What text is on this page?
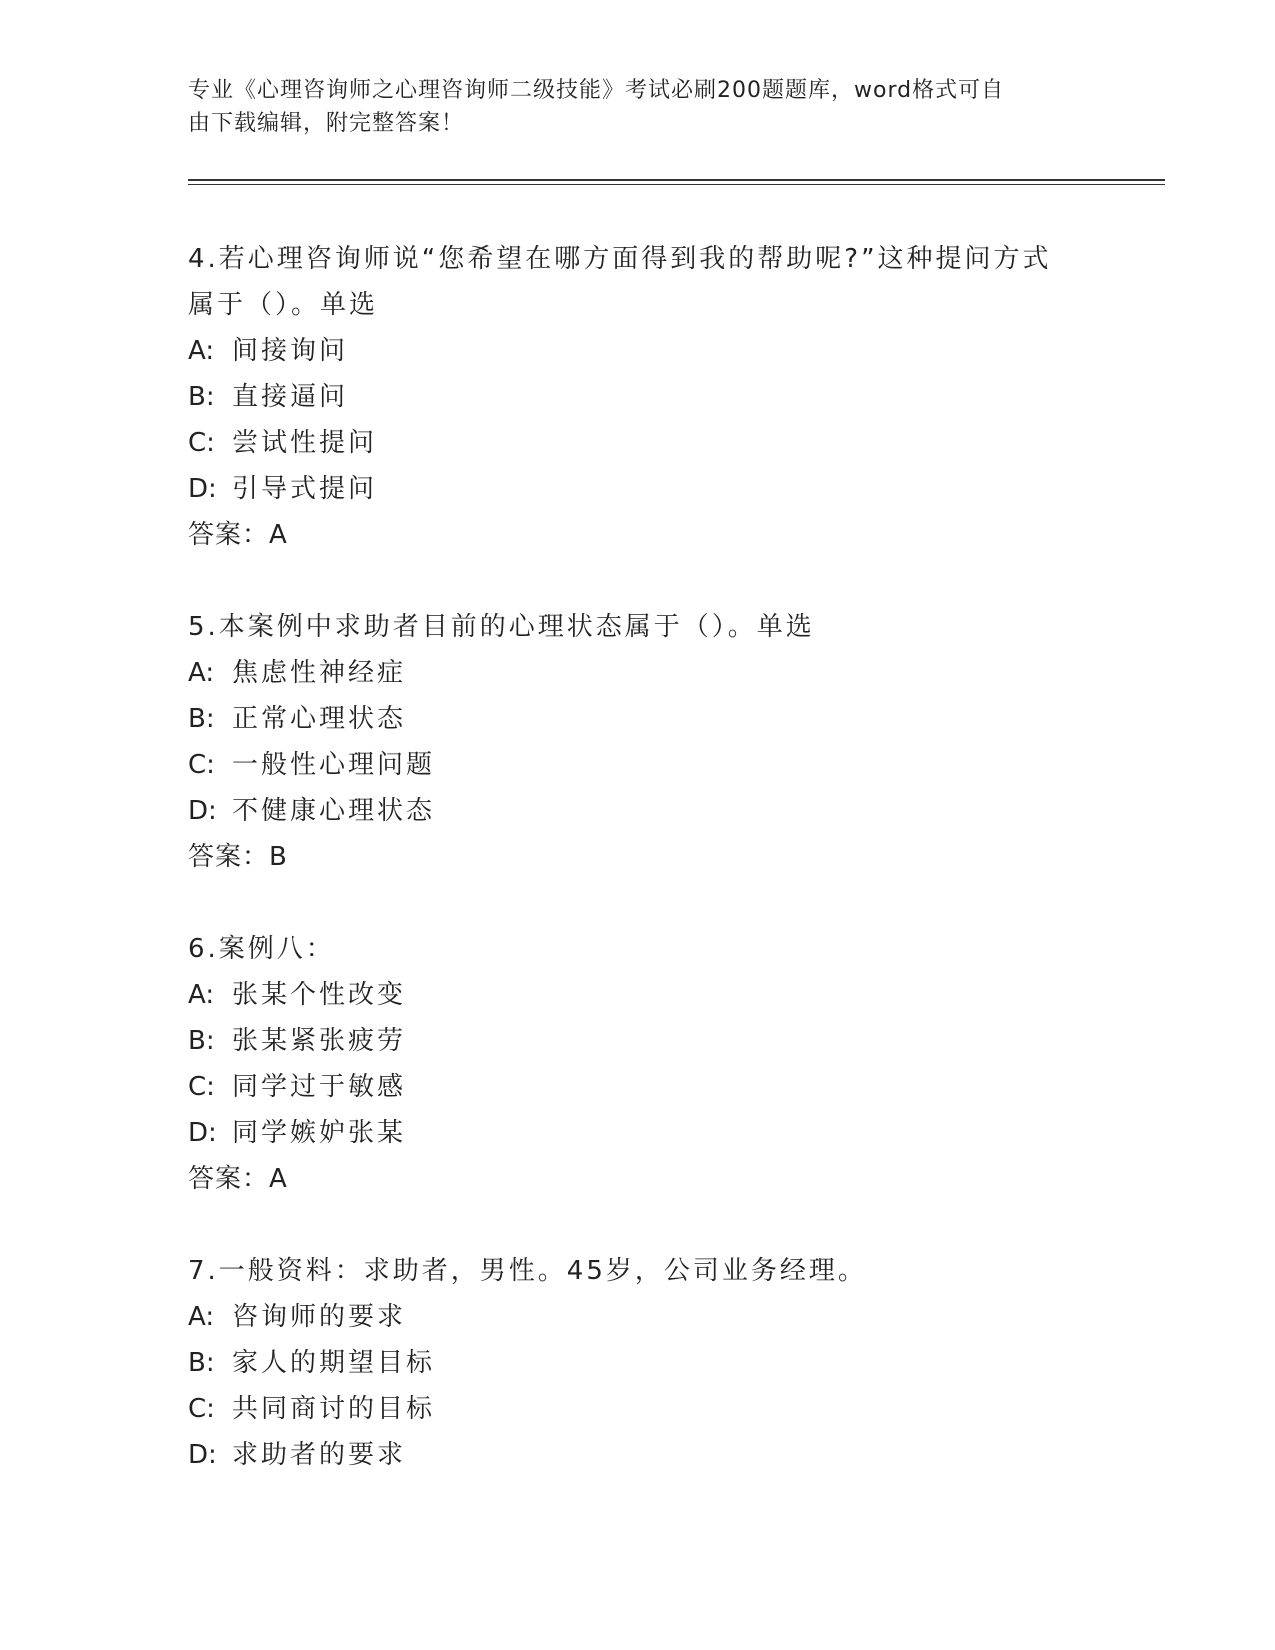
专业《心理咨询师之心理咨询师二级技能》考试必刷200题题库，word格式可自
由下载编辑，附完整答案！

4.若心理咨询师说“您希望在哪方面得到我的帮助呢?”这种提问方式

属于（）。单选

A: 间接询问

B: 直接逼问

C: 尝试性提问

D: 引导式提问

答案：A

5.本案例中求助者目前的心理状态属于（）。单选

A: 焦虑性神经症

B: 正常心理状态

C: 一般性心理问题

D: 不健康心理状态

答案：B

6.案例八：

A: 张某个性改变

B: 张某紧张疲劳

C: 同学过于敏感

D: 同学嫉妒张某

答案：A

7.一般资料：求助者，男性。45岁，公司业务经理。

A: 咨询师的要求

B: 家人的期望目标

C: 共同商讨的目标

D: 求助者的要求
